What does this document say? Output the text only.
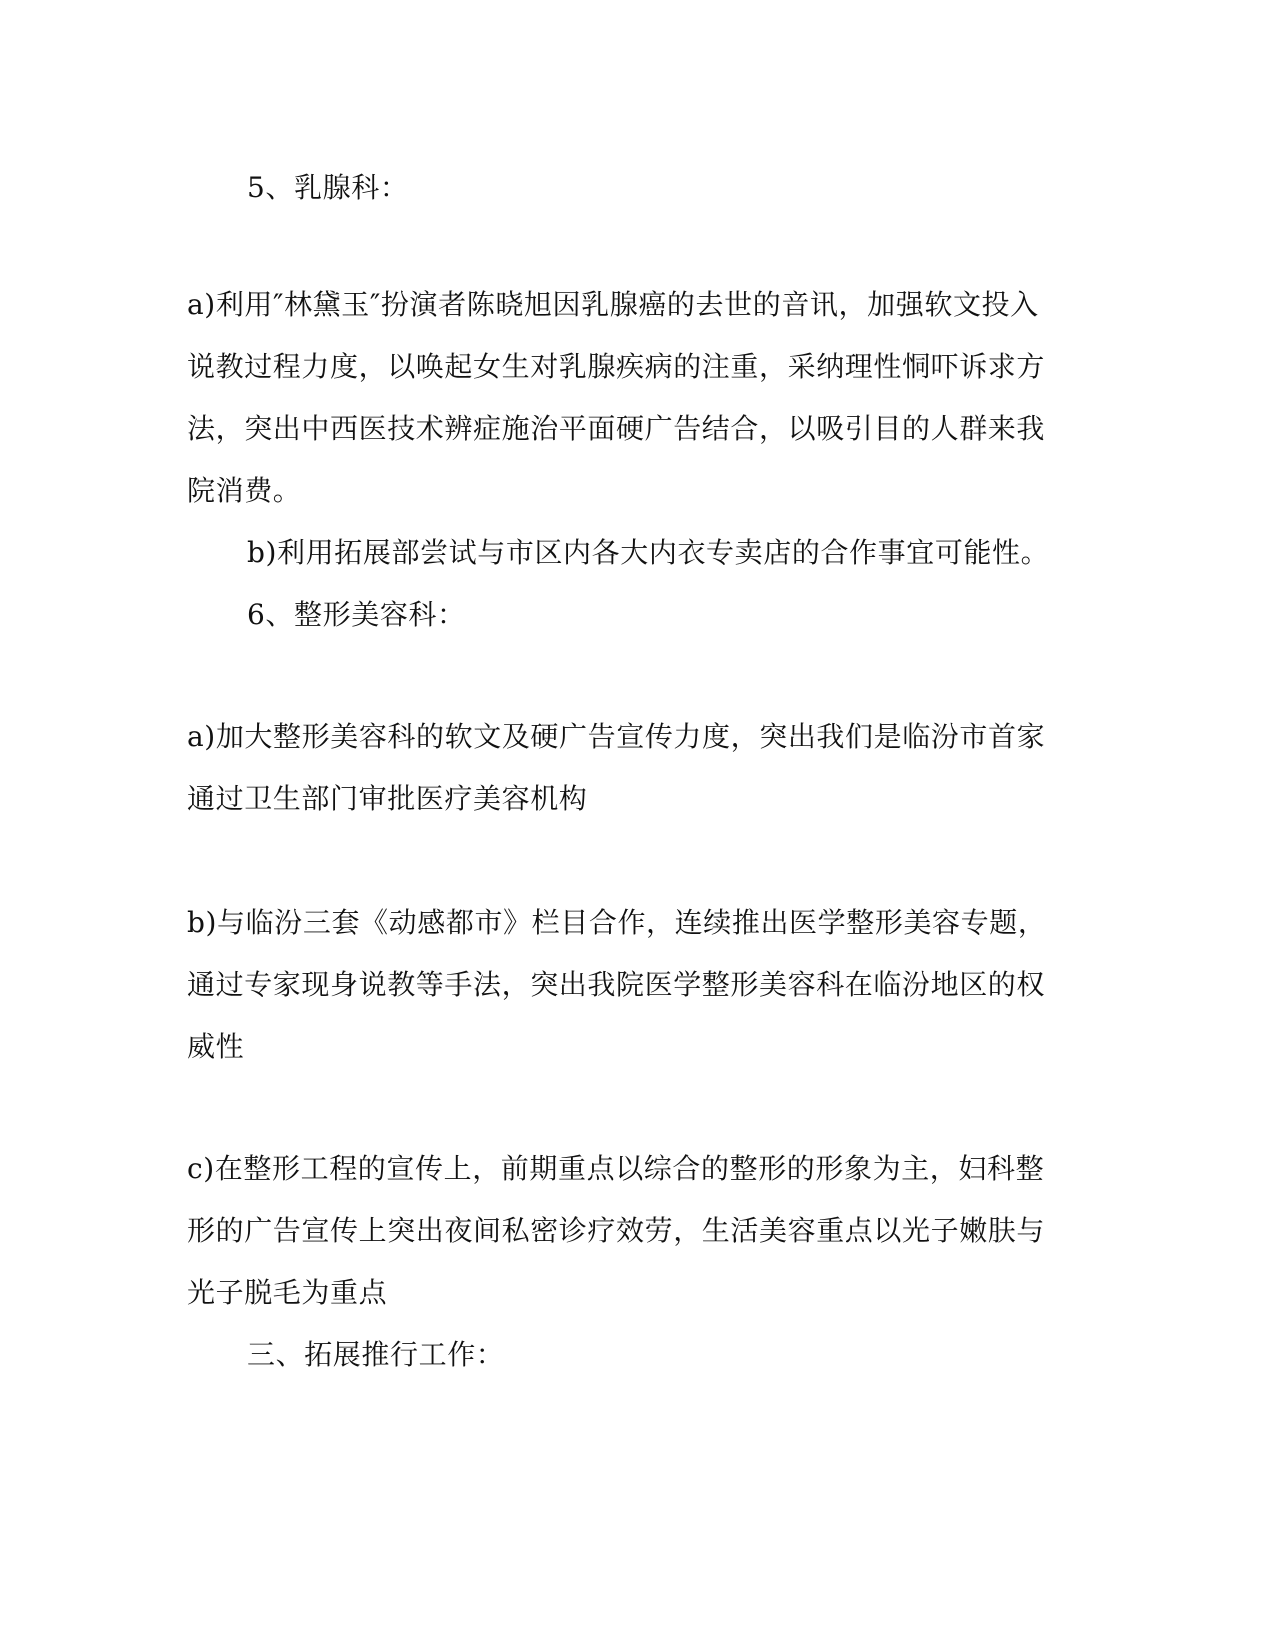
5、乳腺科：
a)利用″林黛玉″扮演者陈晓旭因乳腺癌的去世的音讯，加强软文投入
说教过程力度，以唤起女生对乳腺疾病的注重，采纳理性恫吓诉求方
法，突出中西医技术辨症施治平面硬广告结合，以吸引目的人群来我
院消费。
b)利用拓展部尝试与市区内各大内衣专卖店的合作事宜可能性。
6、整形美容科：
a)加大整形美容科的软文及硬广告宣传力度，突出我们是临汾市首家
通过卫生部门审批医疗美容机构
b)与临汾三套《动感都市》栏目合作，连续推出医学整形美容专题，
通过专家现身说教等手法，突出我院医学整形美容科在临汾地区的权
威性
c)在整形工程的宣传上，前期重点以综合的整形的形象为主，妇科整
形的广告宣传上突出夜间私密诊疗效劳，生活美容重点以光子嫩肤与
光子脱毛为重点
三、拓展推行工作：
